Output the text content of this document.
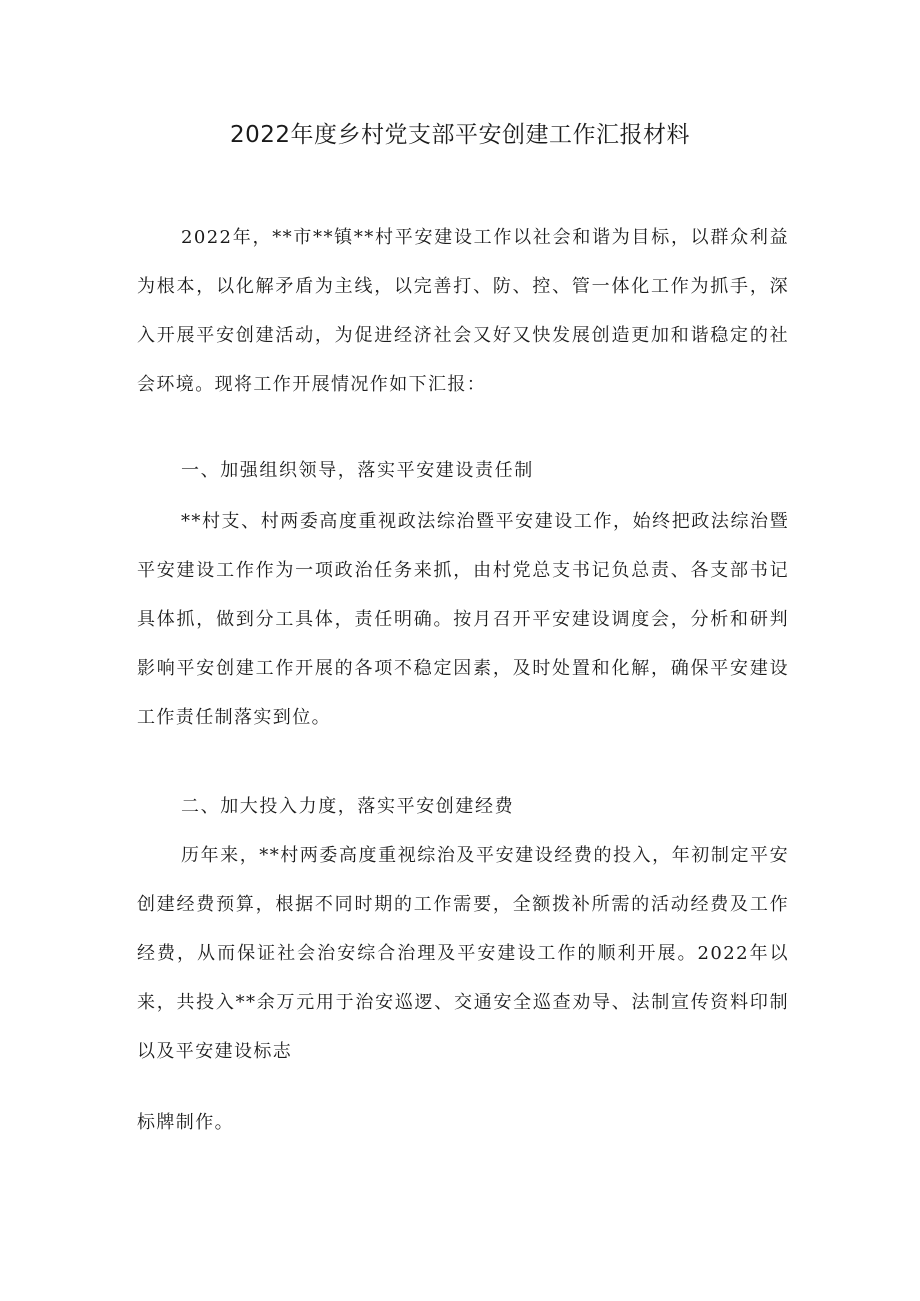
2022年度乡村党支部平安创建工作汇报材料

2022年，**市**镇**村平安建设工作以社会和谐为目标，以群众利益为根本，以化解矛盾为主线，以完善打、防、控、管一体化工作为抓手，深入开展平安创建活动，为促进经济社会又好又快发展创造更加和谐稳定的社会环境。现将工作开展情况作如下汇报：

一、加强组织领导，落实平安建设责任制

**村支、村两委高度重视政法综治暨平安建设工作，始终把政法综治暨平安建设工作作为一项政治任务来抓，由村党总支书记负总责、各支部书记具体抓，做到分工具体，责任明确。按月召开平安建设调度会，分析和研判影响平安创建工作开展的各项不稳定因素，及时处置和化解，确保平安建设工作责任制落实到位。

二、加大投入力度，落实平安创建经费

历年来，**村两委高度重视综治及平安建设经费的投入，年初制定平安创建经费预算，根据不同时期的工作需要，全额拨补所需的活动经费及工作经费，从而保证社会治安综合治理及平安建设工作的顺利开展。2022年以来，共投入**余万元用于治安巡逻、交通安全巡查劝导、法制宣传资料印制以及平安建设标志

标牌制作。
